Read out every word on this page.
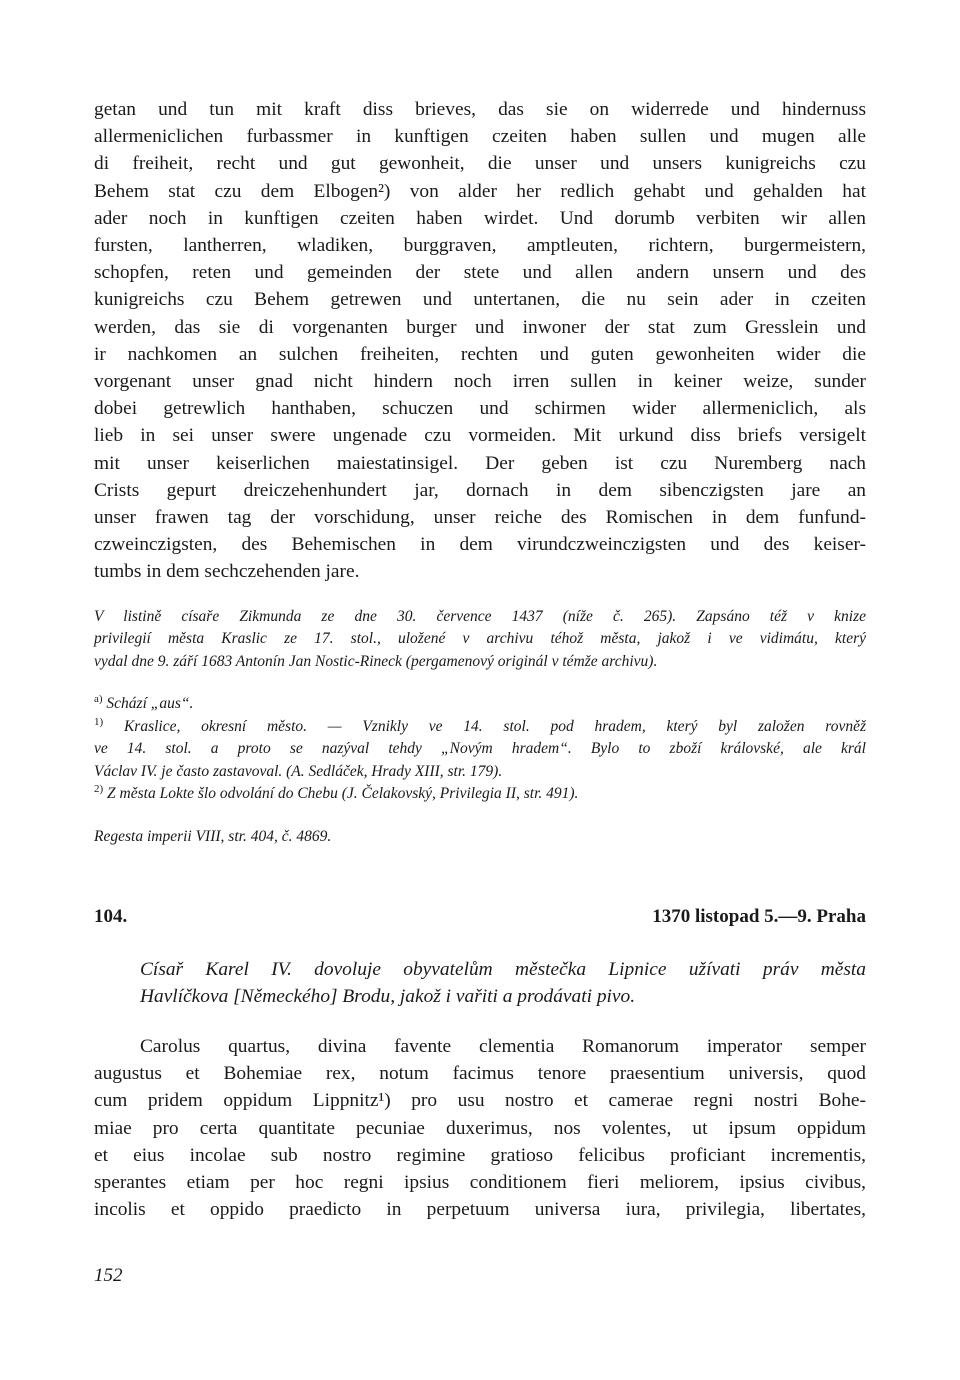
getan und tun mit kraft diss brieves, das sie on widerrede und hindernuss
allermeniclichen furbassmer in kunftigen czeiten haben sullen und mugen alle
di freiheit, recht und gut gewonheit, die unser und unsers kunigreichs czu
Behem stat czu dem Elbogen²) von alder her redlich gehabt und gehalden hat
ader noch in kunftigen czeiten haben wirdet. Und dorumb verbiten wir allen
fursten, lantherren, wladiken, burggraven, amptleuten, richtern, burgermeistern,
schopfen, reten und gemeinden der stete und allen andern unsern und des
kunigreichs czu Behem getrewen und untertanen, die nu sein ader in czeiten
werden, das sie di vorgenanten burger und inwoner der stat zum Gresslein und
ir nachkomen an sulchen freiheiten, rechten und guten gewonheiten wider die
vorgenant unser gnad nicht hindern noch irren sullen in keiner weize, sunder
dobei getrewlich hanthaben, schuczen und schirmen wider allermeniclich, als
lieb in sei unser swere ungenade czu vormeiden. Mit urkund diss briefs versigelt
mit unser keiserlichen maiestatinsigel. Der geben ist czu Nuremberg nach
Crists gepurt dreiczehenhundert jar, dornach in dem sibenczigsten jare an
unser frawen tag der vorschidung, unser reiche des Romischen in dem funfund-
czweinczigsten, des Behemischen in dem virundczweinczigsten und des keiser-
tumbs in dem sechczehenden jare.
V listině císaře Zikmunda ze dne 30. července 1437 (níže č. 265). Zapsáno též v knize
privilegií města Kraslic ze 17. stol., uložené v archivu téhož města, jakož i ve vidimátu, který
vydal dne 9. září 1683 Antonín Jan Nostic-Rineck (pergamenový originál v témže archivu).
$^{a)}$ Schází „aus“.
$^{1)}$ Kraslice, okresní město. — Vznikly ve 14. stol. pod hradem, který byl založen rovněž
ve 14. stol. a proto se nazýval tehdy „Novým hradem“. Bylo to zboží královské, ale král
Václav IV. je často zastavoval. (A. Sedláček, Hrady XIII, str. 179).
$^{2)}$ Z města Lokte šlo odvolání do Chebu (J. Čelakovský, Privilegia II, str. 491).
Regesta imperii VIII, str. 404, č. 4869.
104.	1370 listopad 5.—9. Praha
Císař Karel IV. dovoluje obyvatelům městečka Lipnice užívati práv města
Havlíčkova [Německého] Brodu, jakož i vařiti a prodávati pivo.
Carolus quartus, divina favente clementia Romanorum imperator semper
augustus et Bohemiae rex, notum facimus tenore praesentium universis, quod
cum pridem oppidum Lippnitz¹) pro usu nostro et camerae regni nostri Bohe-
miae pro certa quantitate pecuniae duxerimus, nos volentes, ut ipsum oppidum
et eius incolae sub nostro regimine gratioso felicibus proficiant incrementis,
sperantes etiam per hoc regni ipsius conditionem fieri meliorem, ipsius civibus,
incolis et oppido praedicto in perpetuum universa iura, privilegia, libertates,
152
